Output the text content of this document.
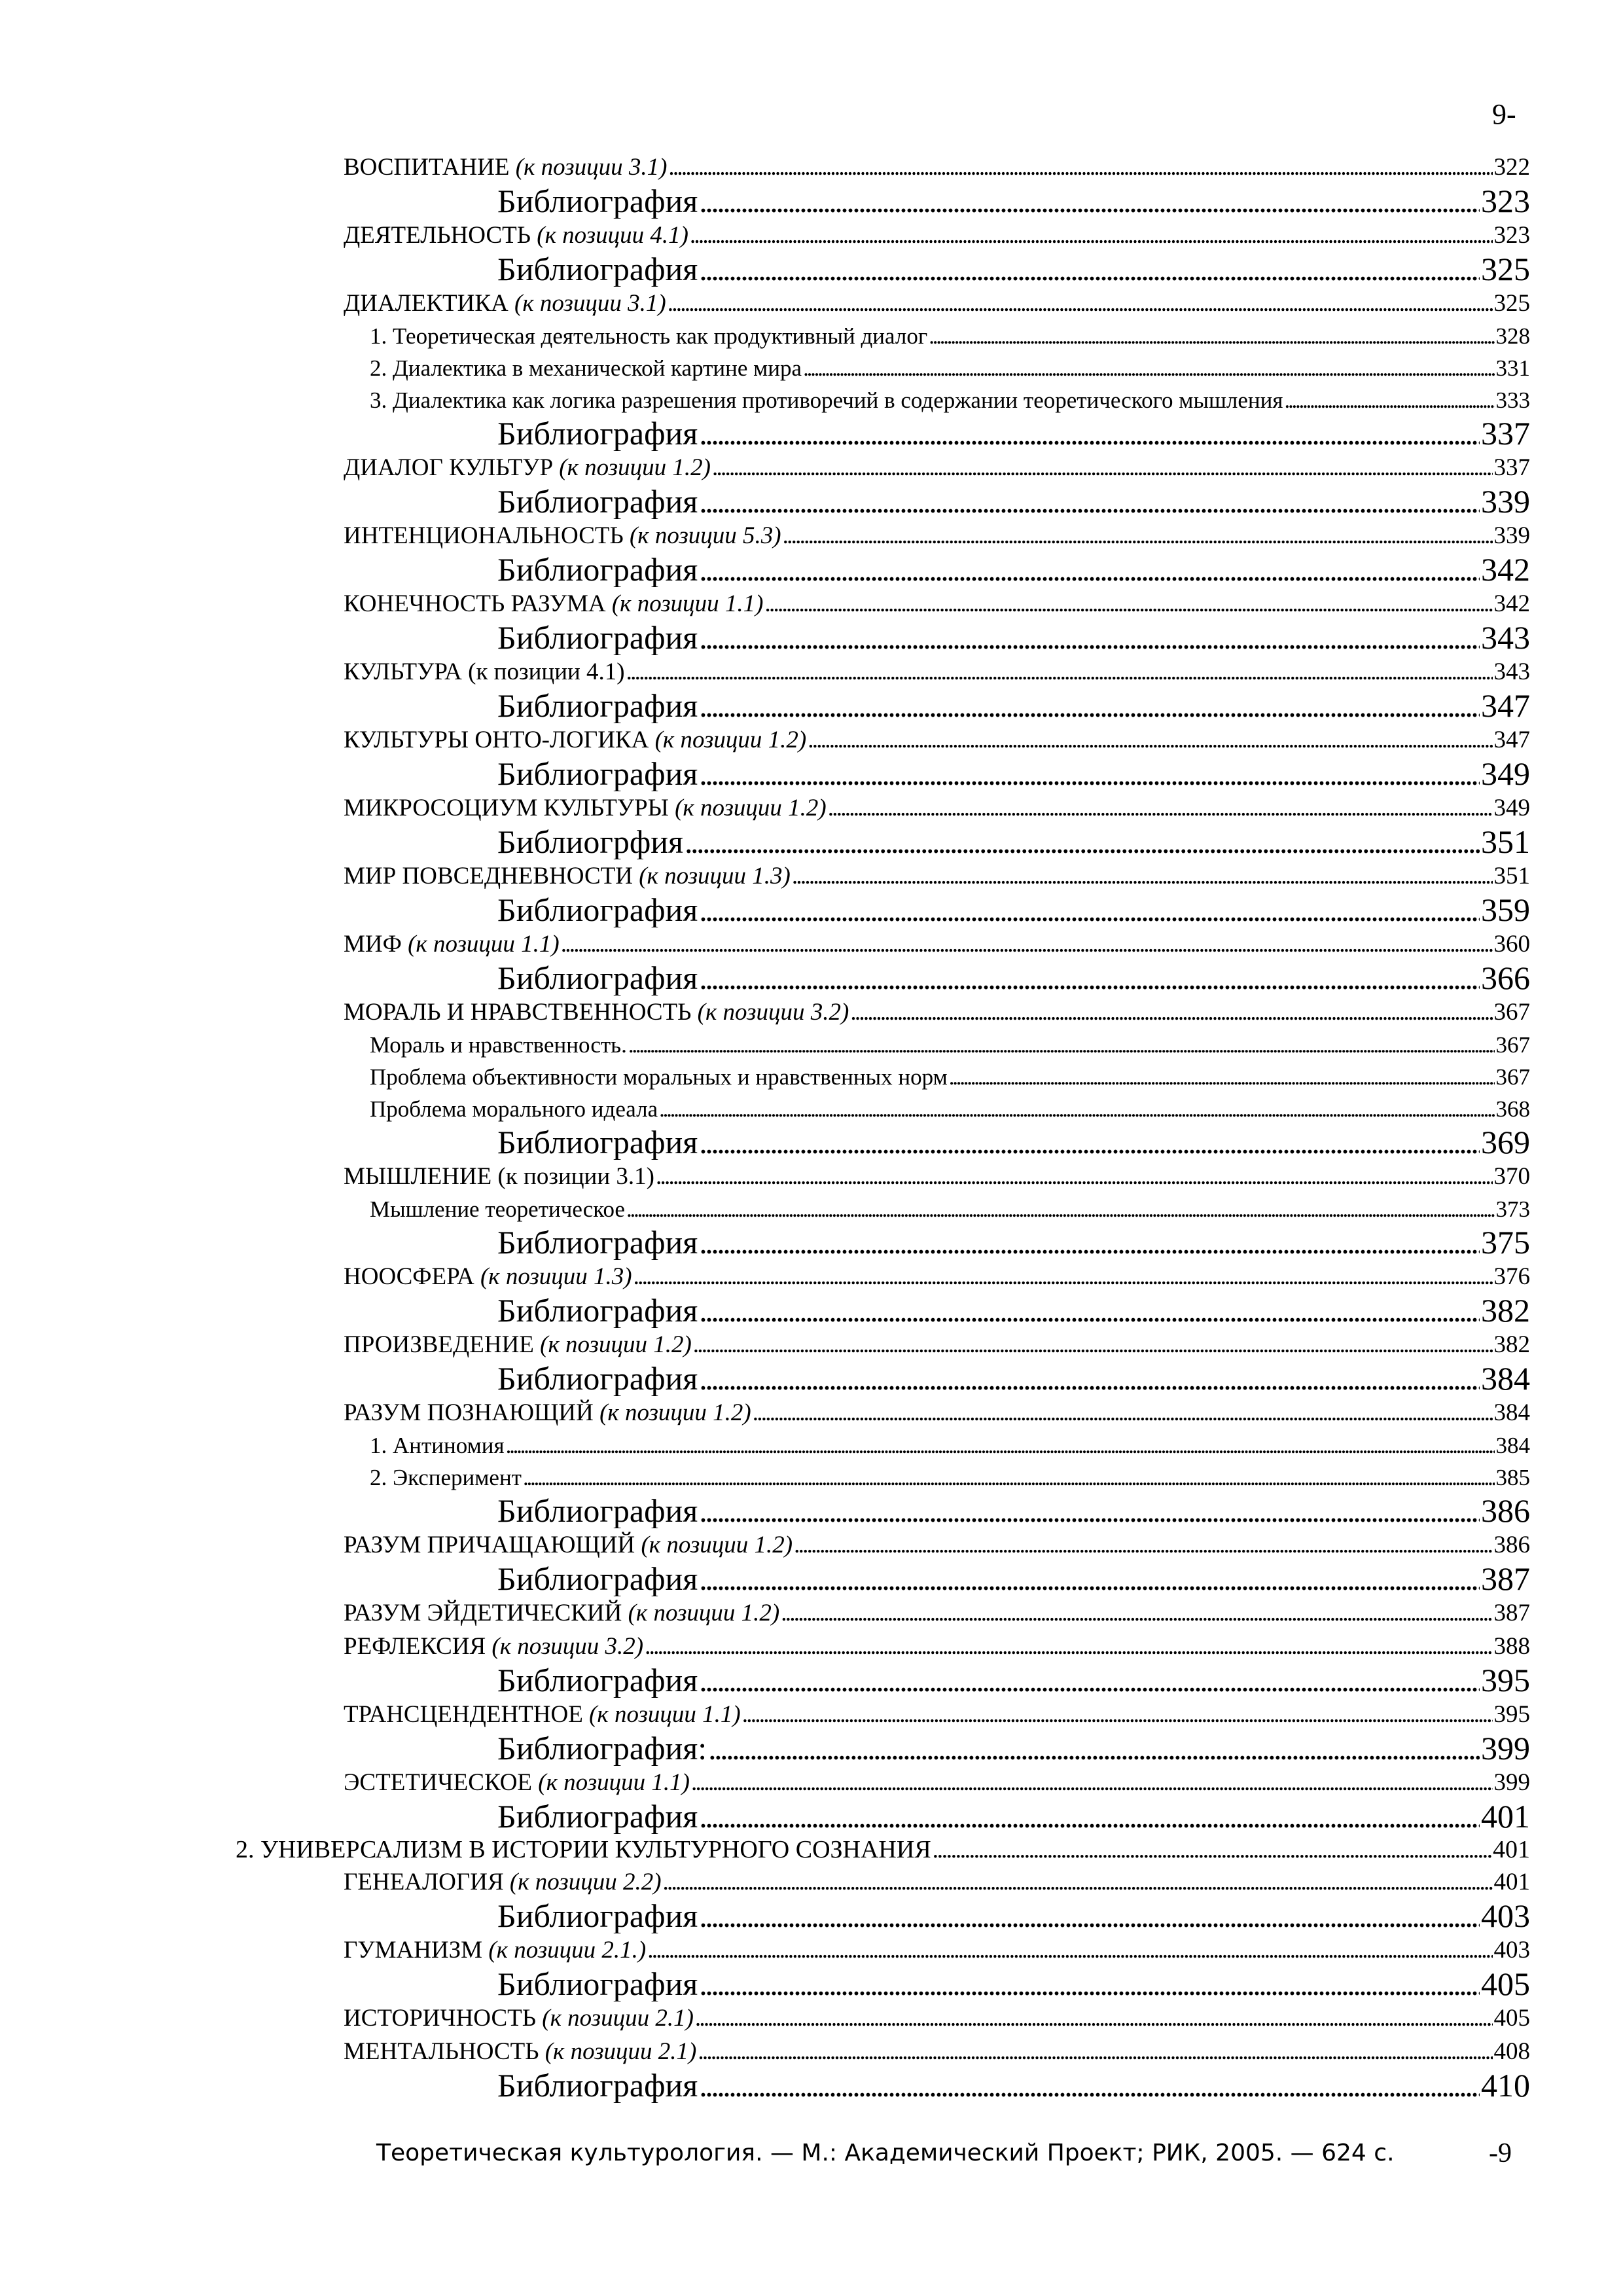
9-
ВОСПИТАНИЕ (к позиции 3.1) . . .	322
Библиография . . .	323
ДЕЯТЕЛЬНОСТЬ (к позиции 4.1) . . .	323
Библиография . . .	325
ДИАЛЕКТИКА (к позиции 3.1) . . .	325
1. Теоретическая деятельность как продуктивный диалог . . .	328
2. Диалектика в механической картине мира . . .	331
3. Диалектика как логика разрешения противоречий в содержании теоретического мышления . . .	333
Библиография . . .	337
ДИАЛОГ КУЛЬТУР (к позиции 1.2) . . .	337
Библиография . . .	339
ИНТЕНЦИОНАЛЬНОСТЬ (к позиции 5.3) . . .	339
Библиография . . .	342
КОНЕЧНОСТЬ РАЗУМА (к позиции 1.1) . . .	342
Библиография . . .	343
КУЛЬТУРА (к позиции 4.1) . . .	343
Библиография . . .	347
КУЛЬТУРЫ ОНТО-ЛОГИКА (к позиции 1.2) . . .	347
Библиография . . .	349
МИКРОСОЦИУМ КУЛЬТУРЫ (к позиции 1.2) . . .	349
Библиогрфия . . .	351
МИР ПОВСЕДНЕВНОСТИ (к позиции 1.3) . . .	351
Библиография . . .	359
МИФ (к позиции 1.1) . . .	360
Библиография . . .	366
МОРАЛЬ И НРАВСТВЕННОСТЬ (к позиции 3.2) . . .	367
Мораль и нравственность. . . .	367
Проблема объективности моральных и нравственных норм . . .	367
Проблема морального идеала . . .	368
Библиография . . .	369
МЫШЛЕНИЕ (к позиции 3.1) . . .	370
Мышление теоретическое . . .	373
Библиография . . .	375
НООСФЕРА (к позиции 1.3) . . .	376
Библиография . . .	382
ПРОИЗВЕДЕНИЕ (к позиции 1.2) . . .	382
Библиография . . .	384
РАЗУМ ПОЗНАЮЩИЙ (к позиции 1.2) . . .	384
1. Антиномия . . .	384
2. Эксперимент . . .	385
Библиография . . .	386
РАЗУМ ПРИЧАЩАЮЩИЙ (к позиции 1.2) . . .	386
Библиография . . .	387
РАЗУМ ЭЙДЕТИЧЕСКИЙ (к позиции 1.2) . . .	387
РЕФЛЕКСИЯ (к позиции 3.2) . . .	388
Библиография . . .	395
ТРАНСЦЕНДЕНТНОЕ (к позиции 1.1) . . .	395
Библиография: . . .	399
ЭСТЕТИЧЕСКОЕ (к позиции 1.1) . . .	399
Библиография . . .	401
2. УНИВЕРСАЛИЗМ В ИСТОРИИ КУЛЬТУРНОГО СОЗНАНИЯ . . .	401
ГЕНЕАЛОГИЯ (к позиции 2.2) . . .	401
Библиография . . .	403
ГУМАНИЗМ (к позиции 2.1.) . . .	403
Библиография . . .	405
ИСТОРИЧНОСТЬ (к позиции 2.1) . . .	405
МЕНТАЛЬНОСТЬ (к позиции 2.1) . . .	408
Библиография . . .	410
Теоретическая культурология. — М.: Академический Проект; РИК, 2005. — 624 с.	-9
